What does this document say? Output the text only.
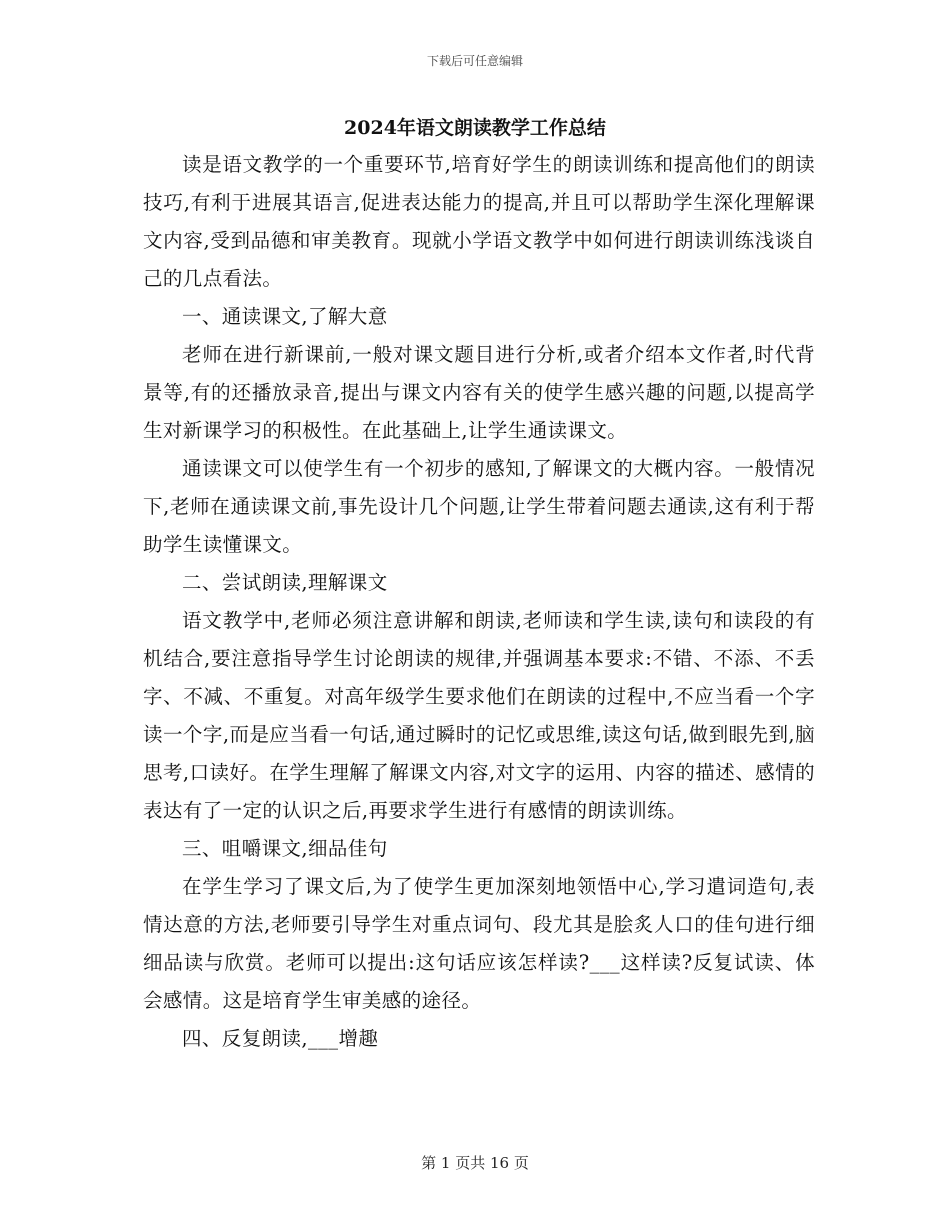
下载后可任意编辑
2024年语文朗读教学工作总结

读是语文教学的一个重要环节,培育好学生的朗读训练和提高他们的朗读技巧,有利于进展其语言,促进表达能力的提高,并且可以帮助学生深化理解课文内容,受到品德和审美教育。现就小学语文教学中如何进行朗读训练浅谈自己的几点看法。

一、通读课文,了解大意

老师在进行新课前,一般对课文题目进行分析,或者介绍本文作者,时代背景等,有的还播放录音,提出与课文内容有关的使学生感兴趣的问题,以提高学生对新课学习的积极性。在此基础上,让学生通读课文。

通读课文可以使学生有一个初步的感知,了解课文的大概内容。一般情况下,老师在通读课文前,事先设计几个问题,让学生带着问题去通读,这有利于帮助学生读懂课文。

二、尝试朗读,理解课文

语文教学中,老师必须注意讲解和朗读,老师读和学生读,读句和读段的有机结合,要注意指导学生讨论朗读的规律,并强调基本要求:不错、不添、不丢字、不减、不重复。对高年级学生要求他们在朗读的过程中,不应当看一个字读一个字,而是应当看一句话,通过瞬时的记忆或思维,读这句话,做到眼先到,脑思考,口读好。在学生理解了解课文内容,对文字的运用、内容的描述、感情的表达有了一定的认识之后,再要求学生进行有感情的朗读训练。

三、咀嚼课文,细品佳句

在学生学习了课文后,为了使学生更加深刻地领悟中心,学习遣词造句,表情达意的方法,老师要引导学生对重点词句、段尤其是脍炙人口的佳句进行细细品读与欣赏。老师可以提出:这句话应该怎样读?___这样读?反复试读、体会感情。这是培育学生审美感的途径。

四、反复朗读,___增趣

第 1 页共 16 页
